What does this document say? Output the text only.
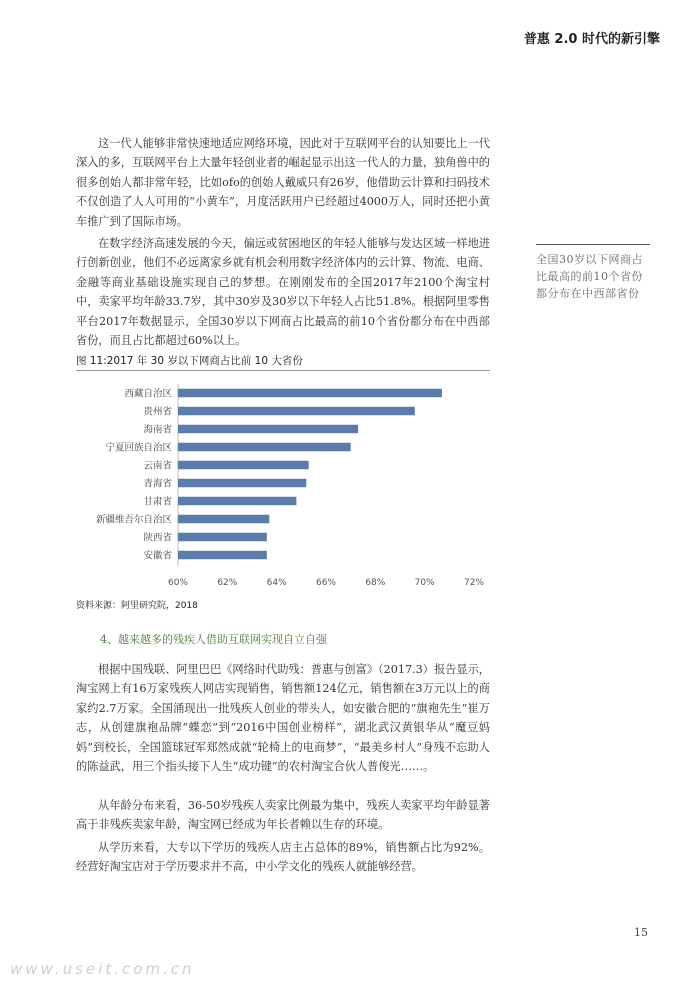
普惠 2.0 时代的新引擎

这一代人能够非常快速地适应网络环境，因此对于互联网平台的认知要比上一代深入的多，互联网平台上大量年轻创业者的崛起显示出这一代人的力量，独角兽中的很多创始人都非常年轻，比如ofo的创始人戴威只有26岁，他借助云计算和扫码技术不仅创造了人人可用的“小黄车”，月度活跃用户已经超过4000万人，同时还把小黄车推广到了国际市场。

在数字经济高速发展的今天，偏远或贫困地区的年轻人能够与发达区域一样地进行创新创业，他们不必远离家乡就有机会利用数字经济体内的云计算、物流、电商、金融等商业基础设施实现自己的梦想。在刚刚发布的全国2017年2100个淘宝村中，卖家平均年龄33.7岁，其中30岁及30岁以下年轻人占比51.8%。根据阿里零售平台2017年数据显示，全国30岁以下网商占比最高的前10个省份都分布在中西部省份，而且占比都超过60%以上。

全国30岁以下网商占比最高的前10个省份都分布在中西部省份
图 11:2017 年 30 岁以下网商占比前 10 大省份
西藏自治区
贵州省
海南省
宁夏回族自治区
云南省
青海省
甘肃省
新疆维吾尔自治区
陕西省
安徽省
60%	62%	64%	66%	68%	70%	72%
资料来源：阿里研究院，2018
4、越来越多的残疾人借助互联网实现自立自强

根据中国残联、阿里巴巴《网络时代助残：普惠与创富》（2017.3）报告显示，淘宝网上有16万家残疾人网店实现销售，销售额124亿元，销售额在3万元以上的商家约2.7万家。全国涌现出一批残疾人创业的带头人，如安徽合肥的“旗袍先生”崔万志，从创建旗袍品牌“蝶恋”到“2016中国创业榜样”，湖北武汉黄银华从“魔豆妈妈”到校长，全国篮球冠军郑然成就“轮椅上的电商梦”，“最美乡村人”身残不忘助人的陈益武，用三个指头接下人生“成功键”的农村淘宝合伙人普俊光……。

从年龄分布来看，36-50岁残疾人卖家比例最为集中，残疾人卖家平均年龄显著高于非残疾卖家年龄，淘宝网已经成为年长者赖以生存的环境。

从学历来看，大专以下学历的残疾人店主占总体的89%，销售额占比为92%。经营好淘宝店对于学历要求并不高，中小学文化的残疾人就能够经营。

15
www.useit.com.cn
